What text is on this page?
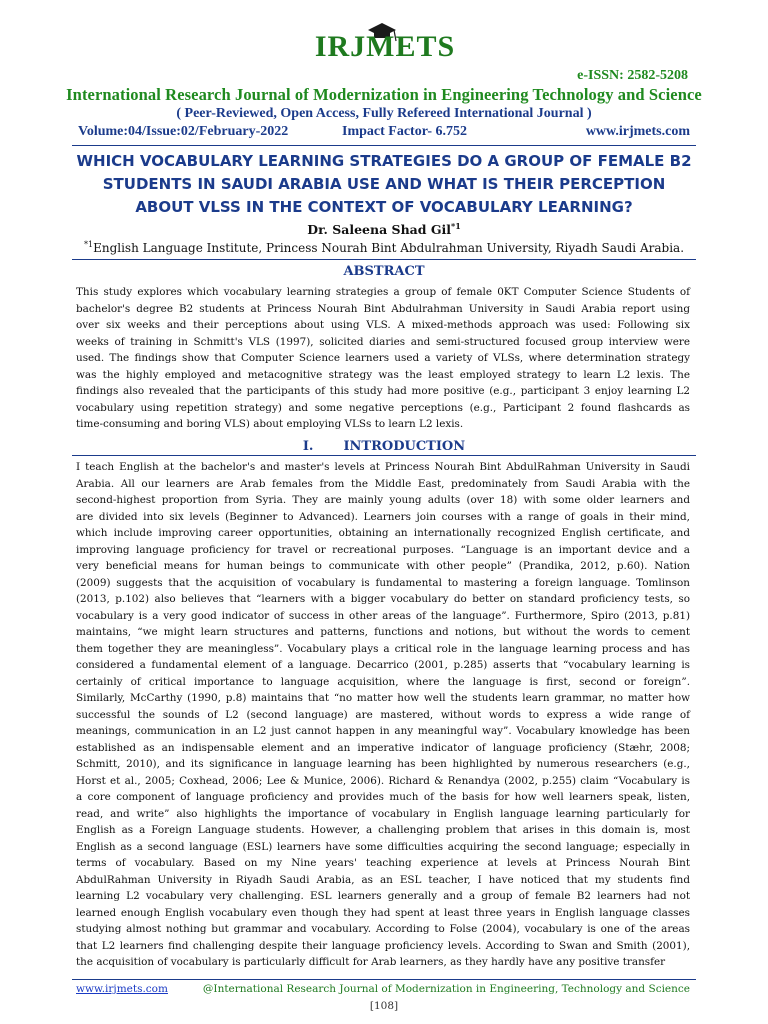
IRJMETS
e-ISSN: 2582-5208
International Research Journal of Modernization in Engineering Technology and Science
( Peer-Reviewed, Open Access, Fully Refereed International Journal )
Volume:04/Issue:02/February-2022	Impact Factor- 6.752	www.irjmets.com
WHICH VOCABULARY LEARNING STRATEGIES DO A GROUP OF FEMALE B2
STUDENTS IN SAUDI ARABIA USE AND WHAT IS THEIR PERCEPTION
ABOUT VLSS IN THE CONTEXT OF VOCABULARY LEARNING?
Dr. Saleena Shad Gil$^{*1}$
$^{*1}$English Language Institute, Princess Nourah Bint Abdulrahman University, Riyadh Saudi Arabia.
ABSTRACT
This study explores which vocabulary learning strategies a group of female 0KT Computer Science Students of
bachelor's degree B2 students at Princess Nourah Bint Abdulrahman University in Saudi Arabia report using
over six weeks and their perceptions about using VLS. A mixed-methods approach was used: Following six
weeks of training in Schmitt's VLS (1997), solicited diaries and semi-structured focused group interview were
used. The findings show that Computer Science learners used a variety of VLSs, where determination strategy
was the highly employed and metacognitive strategy was the least employed strategy to learn L2 lexis. The
findings also revealed that the participants of this study had more positive (e.g., participant 3 enjoy learning L2
vocabulary using repetition strategy) and some negative perceptions (e.g., Participant 2 found flashcards as
time-consuming and boring VLS) about employing VLSs to learn L2 lexis.
I. INTRODUCTION
I teach English at the bachelor's and master's levels at Princess Nourah Bint AbdulRahman University in Saudi
Arabia. All our learners are Arab females from the Middle East, predominately from Saudi Arabia with the
second-highest proportion from Syria. They are mainly young adults (over 18) with some older learners and
are divided into six levels (Beginner to Advanced). Learners join courses with a range of goals in their mind,
which include improving career opportunities, obtaining an internationally recognized English certificate, and
improving language proficiency for travel or recreational purposes. “Language is an important device and a
very beneficial means for human beings to communicate with other people” (Prandika, 2012, p.60). Nation
(2009) suggests that the acquisition of vocabulary is fundamental to mastering a foreign language. Tomlinson
(2013, p.102) also believes that “learners with a bigger vocabulary do better on standard proficiency tests, so
vocabulary is a very good indicator of success in other areas of the language”. Furthermore, Spiro (2013, p.81)
maintains, “we might learn structures and patterns, functions and notions, but without the words to cement
them together they are meaningless”. Vocabulary plays a critical role in the language learning process and has
considered a fundamental element of a language. Decarrico (2001, p.285) asserts that “vocabulary learning is
certainly of critical importance to language acquisition, where the language is first, second or foreign”.
Similarly, McCarthy (1990, p.8) maintains that “no matter how well the students learn grammar, no matter how
successful the sounds of L2 (second language) are mastered, without words to express a wide range of
meanings, communication in an L2 just cannot happen in any meaningful way”. Vocabulary knowledge has been
established as an indispensable element and an imperative indicator of language proficiency (Stæhr, 2008;
Schmitt, 2010), and its significance in language learning has been highlighted by numerous researchers (e.g.,
Horst et al., 2005; Coxhead, 2006; Lee & Munice, 2006). Richard & Renandya (2002, p.255) claim “Vocabulary is
a core component of language proficiency and provides much of the basis for how well learners speak, listen,
read, and write” also highlights the importance of vocabulary in English language learning particularly for
English as a Foreign Language students. However, a challenging problem that arises in this domain is, most
English as a second language (ESL) learners have some difficulties acquiring the second language; especially in
terms of vocabulary. Based on my Nine years' teaching experience at levels at Princess Nourah Bint
AbdulRahman University in Riyadh Saudi Arabia, as an ESL teacher, I have noticed that my students find
learning L2 vocabulary very challenging. ESL learners generally and a group of female B2 learners had not
learned enough English vocabulary even though they had spent at least three years in English language classes
studying almost nothing but grammar and vocabulary. According to Folse (2004), vocabulary is one of the areas
that L2 learners find challenging despite their language proficiency levels. According to Swan and Smith (2001),
the acquisition of vocabulary is particularly difficult for Arab learners, as they hardly have any positive transfer
www.irjmets.com	@International Research Journal of Modernization in Engineering, Technology and Science
[108]
